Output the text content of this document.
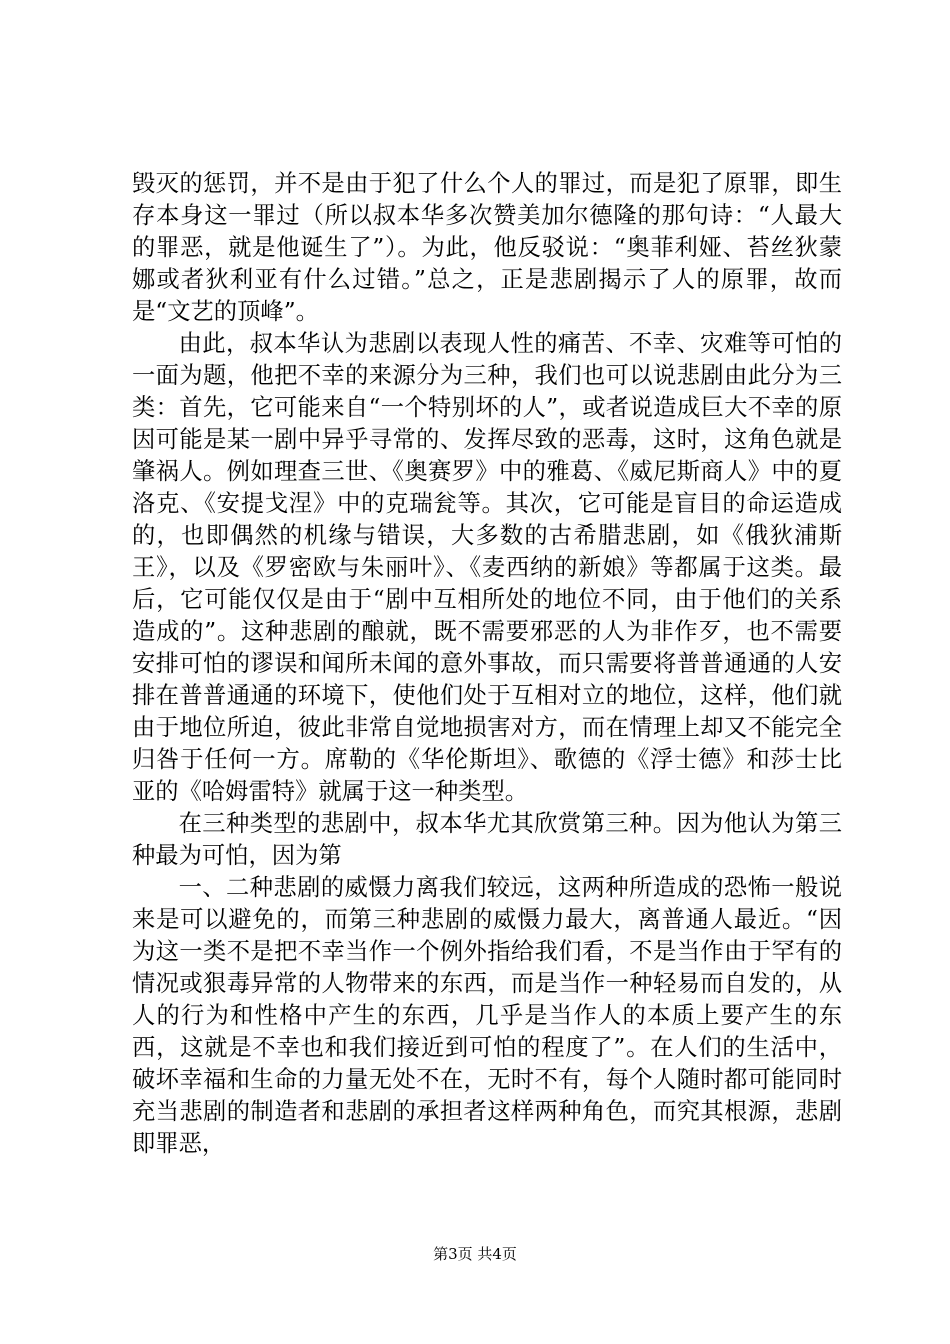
毁灭的惩罚，并不是由于犯了什么个人的罪过，而是犯了原罪，即生存本身这一罪过（所以叔本华多次赞美加尔德隆的那句诗：“人最大的罪恶，就是他诞生了”）。为此，他反驳说：“奥菲利娅、苔丝狄蒙娜或者狄利亚有什么过错。”总之，正是悲剧揭示了人的原罪，故而是“文艺的顶峰”。

由此，叔本华认为悲剧以表现人性的痛苦、不幸、灾难等可怕的一面为题，他把不幸的来源分为三种，我们也可以说悲剧由此分为三类：首先，它可能来自“一个特别坏的人”，或者说造成巨大不幸的原因可能是某一剧中异乎寻常的、发挥尽致的恶毒，这时，这角色就是肇祸人。例如理查三世、《奥赛罗》中的雅葛、《威尼斯商人》中的夏洛克、《安提戈涅》中的克瑞瓮等。其次，它可能是盲目的命运造成的，也即偶然的机缘与错误，大多数的古希腊悲剧，如《俄狄浦斯王》，以及《罗密欧与朱丽叶》、《麦西纳的新娘》等都属于这类。最后，它可能仅仅是由于“剧中互相所处的地位不同，由于他们的关系造成的”。这种悲剧的酿就，既不需要邪恶的人为非作歹，也不需要安排可怕的谬误和闻所未闻的意外事故，而只需要将普普通通的人安排在普普通通的环境下，使他们处于互相对立的地位，这样，他们就由于地位所迫，彼此非常自觉地损害对方，而在情理上却又不能完全归咎于任何一方。席勒的《华伦斯坦》、歌德的《浮士德》和莎士比亚的《哈姆雷特》就属于这一种类型。

在三种类型的悲剧中，叔本华尤其欣赏第三种。因为他认为第三种最为可怕，因为第

一、二种悲剧的威慑力离我们较远，这两种所造成的恐怖一般说来是可以避免的，而第三种悲剧的威慑力最大，离普通人最近。“因为这一类不是把不幸当作一个例外指给我们看，不是当作由于罕有的情况或狠毒异常的人物带来的东西，而是当作一种轻易而自发的，从人的行为和性格中产生的东西，几乎是当作人的本质上要产生的东西，这就是不幸也和我们接近到可怕的程度了”。在人们的生活中，破坏幸福和生命的力量无处不在，无时不有，每个人随时都可能同时充当悲剧的制造者和悲剧的承担者这样两种角色，而究其根源，悲剧即罪恶，

第3页 共4页
